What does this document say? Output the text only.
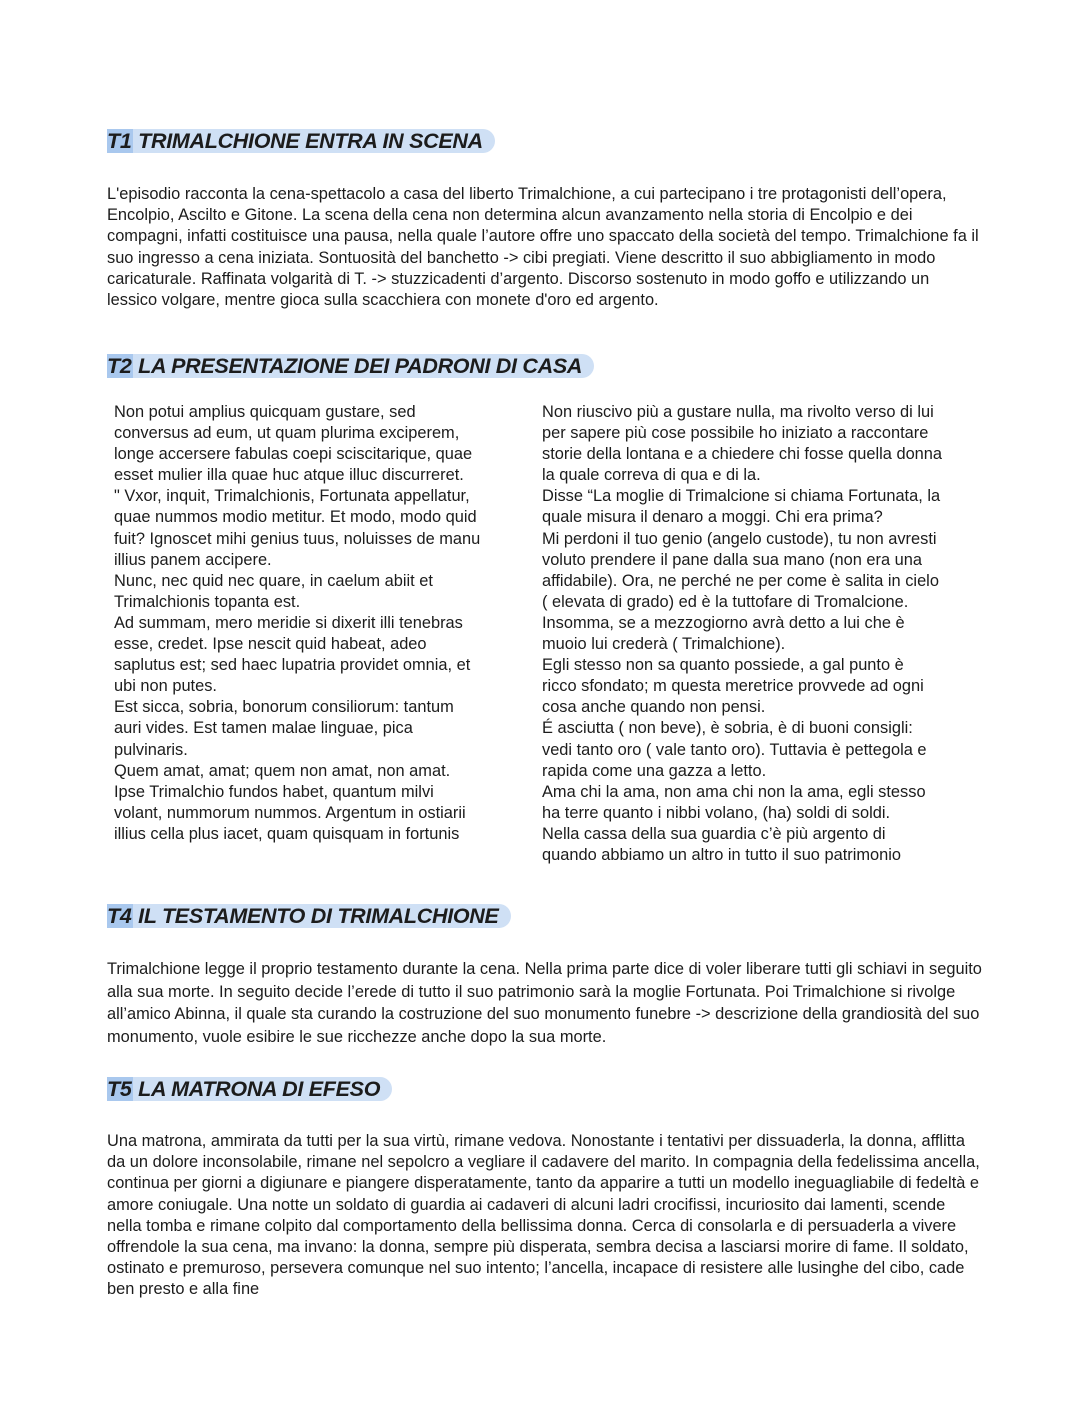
T1 TRIMALCHIONE ENTRA IN SCENA

L'episodio racconta la cena-spettacolo a casa del liberto Trimalchione, a cui partecipano i tre protagonisti dell’opera, Encolpio, Ascilto e Gitone. La scena della cena non determina alcun avanzamento nella storia di Encolpio e dei compagni, infatti costituisce una pausa, nella quale l’autore offre uno spaccato della società del tempo. Trimalchione fa il suo ingresso a cena iniziata. Sontuosità del banchetto -> cibi pregiati. Viene descritto il suo abbigliamento in modo caricaturale. Raffinata volgarità di T. -> stuzzicadenti d’argento. Discorso sostenuto in modo goffo e utilizzando un lessico volgare, mentre gioca sulla scacchiera con monete d'oro ed argento.

T2 LA PRESENTAZIONE DEI PADRONI DI CASA
Non potui amplius quicquam gustare, sed
conversus ad eum, ut quam plurima exciperem,
longe accersere fabulas coepi sciscitarique, quae
esset mulier illa quae huc atque illuc discurreret.
" Vxor, inquit, Trimalchionis, Fortunata appellatur,
quae nummos modio metitur. Et modo, modo quid
fuit? Ignoscet mihi genius tuus, noluisses de manu
illius panem accipere.
Nunc, nec quid nec quare, in caelum abiit et
Trimalchionis topanta est.
Ad summam, mero meridie si dixerit illi tenebras
esse, credet. Ipse nescit quid habeat, adeo
saplutus est; sed haec lupatria providet omnia, et
ubi non putes.
Est sicca, sobria, bonorum consiliorum: tantum
auri vides. Est tamen malae linguae, pica
pulvinaris.
Quem amat, amat; quem non amat, non amat.
Ipse Trimalchio fundos habet, quantum milvi
volant, nummorum nummos. Argentum in ostiarii
illius cella plus iacet, quam quisquam in fortunis
Non riuscivo più a gustare nulla, ma rivolto verso di lui
per sapere più cose possibile ho iniziato a raccontare
storie della lontana e a chiedere chi fosse quella donna
la quale correva di qua e di la.
Disse “La moglie di Trimalcione si chiama Fortunata, la
quale misura il denaro a moggi. Chi era prima?
Mi perdoni il tuo genio (angelo custode), tu non avresti
voluto prendere il pane dalla sua mano (non era una
affidabile). Ora, ne perché ne per come è salita in cielo
( elevata di grado) ed è la tuttofare di Tromalcione.
Insomma, se a mezzogiorno avrà detto a lui che è
muoio lui crederà ( Trimalchione).
Egli stesso non sa quanto possiede, a gal punto è
ricco sfondato; m questa meretrice provvede ad ogni
cosa anche quando non pensi.
É asciutta ( non beve), è sobria, è di buoni consigli:
vedi tanto oro ( vale tanto oro). Tuttavia è pettegola e
rapida come una gazza a letto.
Ama chi la ama, non ama chi non la ama, egli stesso
ha terre quanto i nibbi volano, (ha) soldi di soldi.
Nella cassa della sua guardia c’è più argento di
quando abbiamo un altro in tutto il suo patrimonio
T4 IL TESTAMENTO DI TRIMALCHIONE

Trimalchione legge il proprio testamento durante la cena. Nella prima parte dice di voler liberare tutti gli schiavi in seguito alla sua morte. In seguito decide l’erede di tutto il suo patrimonio sarà la moglie Fortunata. Poi Trimalchione si rivolge all’amico Abinna, il quale sta curando la costruzione del suo monumento funebre -> descrizione della grandiosità del suo monumento, vuole esibire le sue ricchezze anche dopo la sua morte.

T5 LA MATRONA DI EFESO

Una matrona, ammirata da tutti per la sua virtù, rimane vedova. Nonostante i tentativi per dissuaderla, la donna, afflitta da un dolore inconsolabile, rimane nel sepolcro a vegliare il cadavere del marito. In compagnia della fedelissima ancella, continua per giorni a digiunare e piangere disperatamente, tanto da apparire a tutti un modello ineguagliabile di fedeltà e amore coniugale. Una notte un soldato di guardia ai cadaveri di alcuni ladri crocifissi, incuriosito dai lamenti, scende nella tomba e rimane colpito dal comportamento della bellissima donna. Cerca di consolarla e di persuaderla a vivere offrendole la sua cena, ma invano: la donna, sempre più disperata, sembra decisa a lasciarsi morire di fame. Il soldato, ostinato e premuroso, persevera comunque nel suo intento; l’ancella, incapace di resistere alle lusinghe del cibo, cade ben presto e alla fine
